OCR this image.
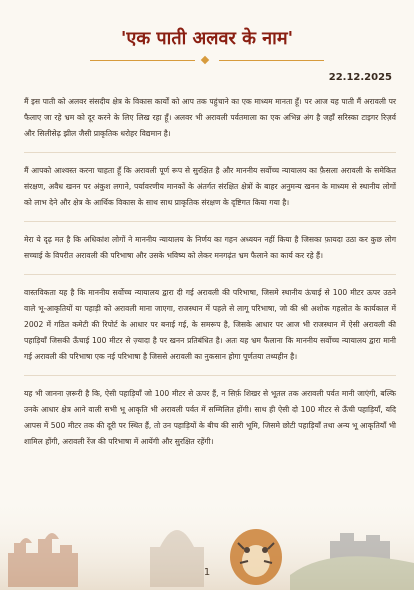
'एक पाती अलवर के नाम'
22.12.2025

मैं इस पाती को अलवर संसदीय क्षेत्र के विकास कार्यों को आप तक पहुंचाने का एक माध्यम मानता हूँ। पर आज यह पाती मैं अरावली पर फैलाए जा रहे भ्रम को दूर करने के लिए लिख रहा हूँ। अलवर भी अरावली पर्वतमाला का एक अभिन्न अंग है जहाँ सरिस्का टाइगर रिज़र्व और सिलीसेढ़ झील जैसी प्राकृतिक धरोहर विद्यमान है।

मैं आपको आश्वस्त करना चाहता हूँ कि अरावली पूर्ण रूप से सुरक्षित है और माननीय सर्वोच्च न्यायालय का फ़ैसला अरावली के समेकित संरक्षण, अवैध खनन पर अंकुश लगाने, पर्यावरणीय मानकों के अंतर्गत संरक्षित क्षेत्रों के बाहर अनुमन्य खनन के माध्यम से स्थानीय लोगों को लाभ देने और क्षेत्र के आर्थिक विकास के साथ साथ प्राकृतिक संरक्षण के दृष्टिगत किया गया है।

मेरा ये दृढ़ मत है कि अधिकांश लोगों ने माननीय न्यायालय के निर्णय का गहन अध्ययन नहीं किया है जिसका फ़ायदा उठा कर कुछ लोग सच्चाई के विपरीत अरावली की परिभाषा और उसके भविष्य को लेकर मनगढ़ंत भ्रम फैलाने का कार्य कर रहे हैं।

वास्तविकता यह है कि माननीय सर्वोच्च न्यायालय द्वारा दी गई अरावली की परिभाषा, जिसमे स्थानीय ऊंचाई से 100 मीटर ऊपर उठने वाले भू-आकृतियों या पहाड़ी को अरावली माना जाएगा, राजस्थान में पहले से लागू परिभाषा, जो की श्री अशोक गहलोत के कार्यकाल में 2002 में गठित कमेटी की रिपोर्ट के आधार पर बनाई गई, के समरूप है, जिसके आधार पर आज भी राजस्थान में ऐसी अरावली की पहाड़ियाँ जिसकी ऊँचाई 100 मीटर से ज़्यादा है पर खनन प्रतिबंधित है। अतः यह भ्रम फैलाना कि माननीय सर्वोच्च न्यायालय द्वारा मानी गई अरावली की परिभाषा एक नई परिभाषा है जिससे अरावली का नुकसान होगा पूर्णतया तथ्यहीन है।

यह भी जानना ज़रूरी है कि, ऐसी पहाड़ियाँ जो 100 मीटर से ऊपर हैं, न सिर्फ़ शिखर से भूतल तक अरावली पर्वत मानी जाएंगी, बल्कि उनके आधार क्षेत्र आने वाली सभी भू आकृति भी अरावली पर्वत में सम्मिलित होंगी। साथ ही ऐसी दो 100 मीटर से ऊँची पहाड़ियाँ, यदि आपस में 500 मीटर तक की दूरी पर स्थित हैं, तो उन पहाड़ियों के बीच की सारी भूमि, जिसमे छोटी पहाड़ियाँ तथा अन्य भू आकृतियाँ भी शामिल होंगी, अरावली रेंज की परिभाषा में आयेंगी और सुरक्षित रहेंगी।

1
